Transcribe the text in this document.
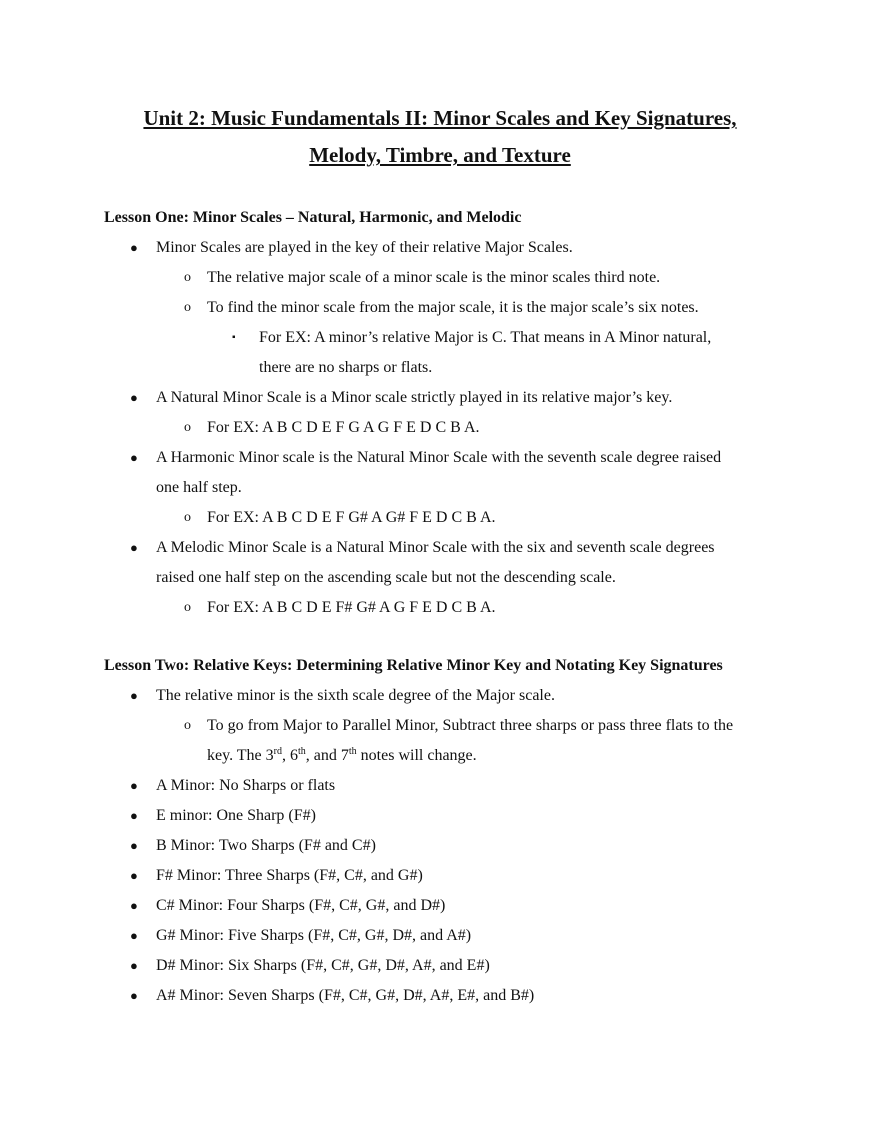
Unit 2: Music Fundamentals II: Minor Scales and Key Signatures,
Melody, Timbre, and Texture
Lesson One: Minor Scales – Natural, Harmonic, and Melodic
● Minor Scales are played in the key of their relative Major Scales.
o The relative major scale of a minor scale is the minor scales third note.
o To find the minor scale from the major scale, it is the major scale’s six notes.
▪ For EX: A minor’s relative Major is C. That means in A Minor natural,
there are no sharps or flats.
● A Natural Minor Scale is a Minor scale strictly played in its relative major’s key.
o For EX: A B C D E F G A G F E D C B A.
● A Harmonic Minor scale is the Natural Minor Scale with the seventh scale degree raised
one half step.
o For EX: A B C D E F G# A G# F E D C B A.
● A Melodic Minor Scale is a Natural Minor Scale with the six and seventh scale degrees
raised one half step on the ascending scale but not the descending scale.
o For EX: A B C D E F# G# A G F E D C B A.
Lesson Two: Relative Keys: Determining Relative Minor Key and Notating Key Signatures
● The relative minor is the sixth scale degree of the Major scale.
o To go from Major to Parallel Minor, Subtract three sharps or pass three flats to the
key. The 3rd, 6th, and 7th notes will change.
● A Minor: No Sharps or flats
● E minor: One Sharp (F#)
● B Minor: Two Sharps (F# and C#)
● F# Minor: Three Sharps (F#, C#, and G#)
● C# Minor: Four Sharps (F#, C#, G#, and D#)
● G# Minor: Five Sharps (F#, C#, G#, D#, and A#)
● D# Minor: Six Sharps (F#, C#, G#, D#, A#, and E#)
● A# Minor: Seven Sharps (F#, C#, G#, D#, A#, E#, and B#)
